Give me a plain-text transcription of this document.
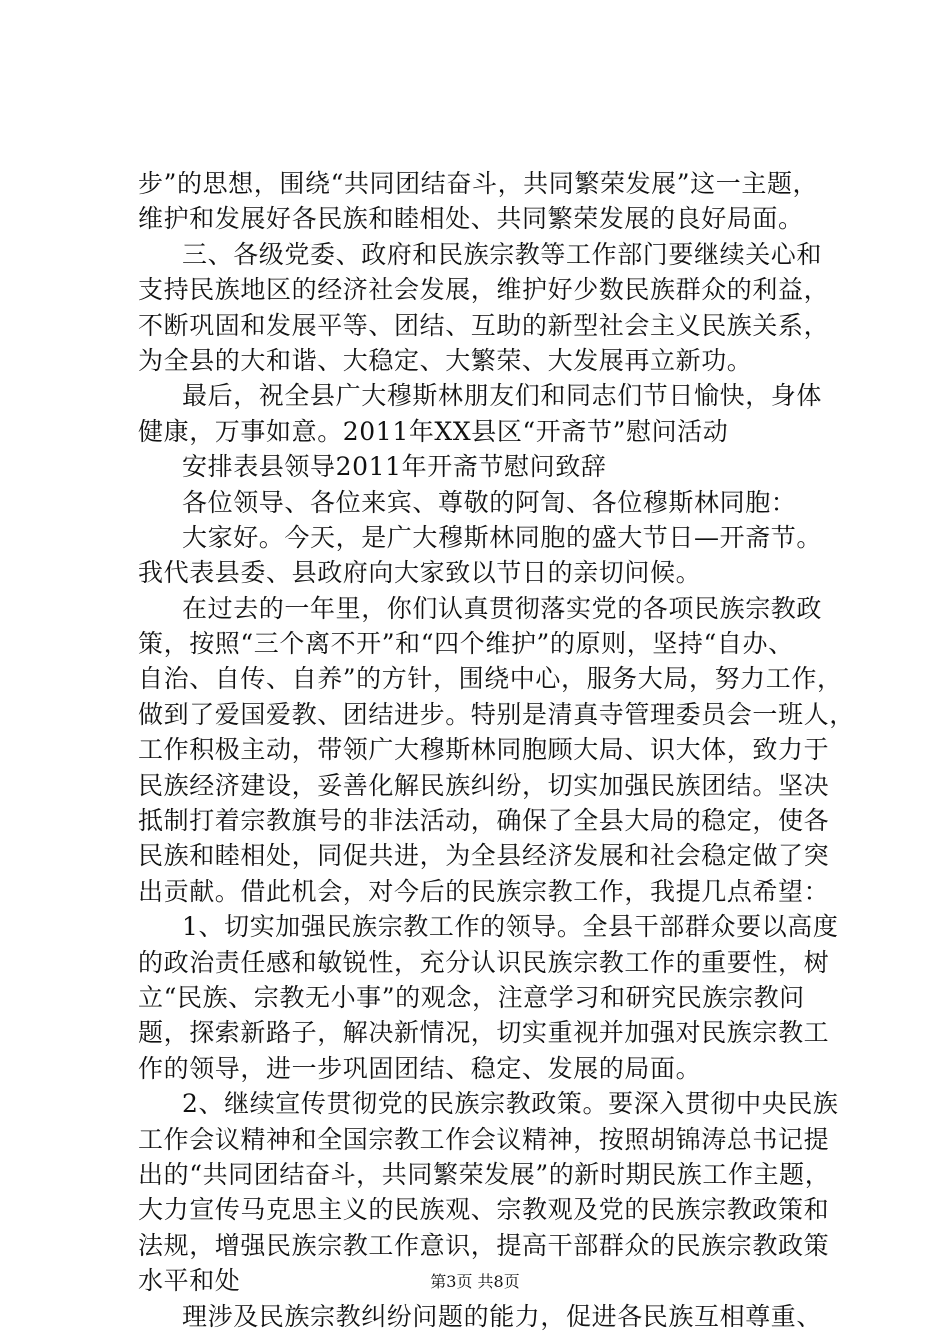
步”的思想，围绕“共同团结奋斗，共同繁荣发展”这一主题，
维护和发展好各民族和睦相处、共同繁荣发展的良好局面。
三、各级党委、政府和民族宗教等工作部门要继续关心和
支持民族地区的经济社会发展，维护好少数民族群众的利益，
不断巩固和发展平等、团结、互助的新型社会主义民族关系，
为全县的大和谐、大稳定、大繁荣、大发展再立新功。
最后，祝全县广大穆斯林朋友们和同志们节日愉快，身体
健康，万事如意。2011年XX县区“开斋节”慰问活动
安排表县领导2011年开斋节慰问致辞
各位领导、各位来宾、尊敬的阿訇、各位穆斯林同胞：
大家好。今天，是广大穆斯林同胞的盛大节日—开斋节。
我代表县委、县政府向大家致以节日的亲切问候。
在过去的一年里，你们认真贯彻落实党的各项民族宗教政
策，按照“三个离不开”和“四个维护”的原则，坚持“自办、
自治、自传、自养”的方针，围绕中心，服务大局，努力工作，
做到了爱国爱教、团结进步。特别是清真寺管理委员会一班人，
工作积极主动，带领广大穆斯林同胞顾大局、识大体，致力于
民族经济建设，妥善化解民族纠纷，切实加强民族团结。坚决
抵制打着宗教旗号的非法活动，确保了全县大局的稳定，使各
民族和睦相处，同促共进，为全县经济发展和社会稳定做了突
出贡献。借此机会，对今后的民族宗教工作，我提几点希望：
1、切实加强民族宗教工作的领导。全县干部群众要以高度
的政治责任感和敏锐性，充分认识民族宗教工作的重要性，树
立“民族、宗教无小事”的观念，注意学习和研究民族宗教问
题，探索新路子，解决新情况，切实重视并加强对民族宗教工
作的领导，进一步巩固团结、稳定、发展的局面。
2、继续宣传贯彻党的民族宗教政策。要深入贯彻中央民族
工作会议精神和全国宗教工作会议精神，按照胡锦涛总书记提
出的“共同团结奋斗，共同繁荣发展”的新时期民族工作主题，
大力宣传马克思主义的民族观、宗教观及党的民族宗教政策和
法规，增强民族宗教工作意识，提高干部群众的民族宗教政策
水平和处
理涉及民族宗教纠纷问题的能力，促进各民族互相尊重、
第3页 共8页
